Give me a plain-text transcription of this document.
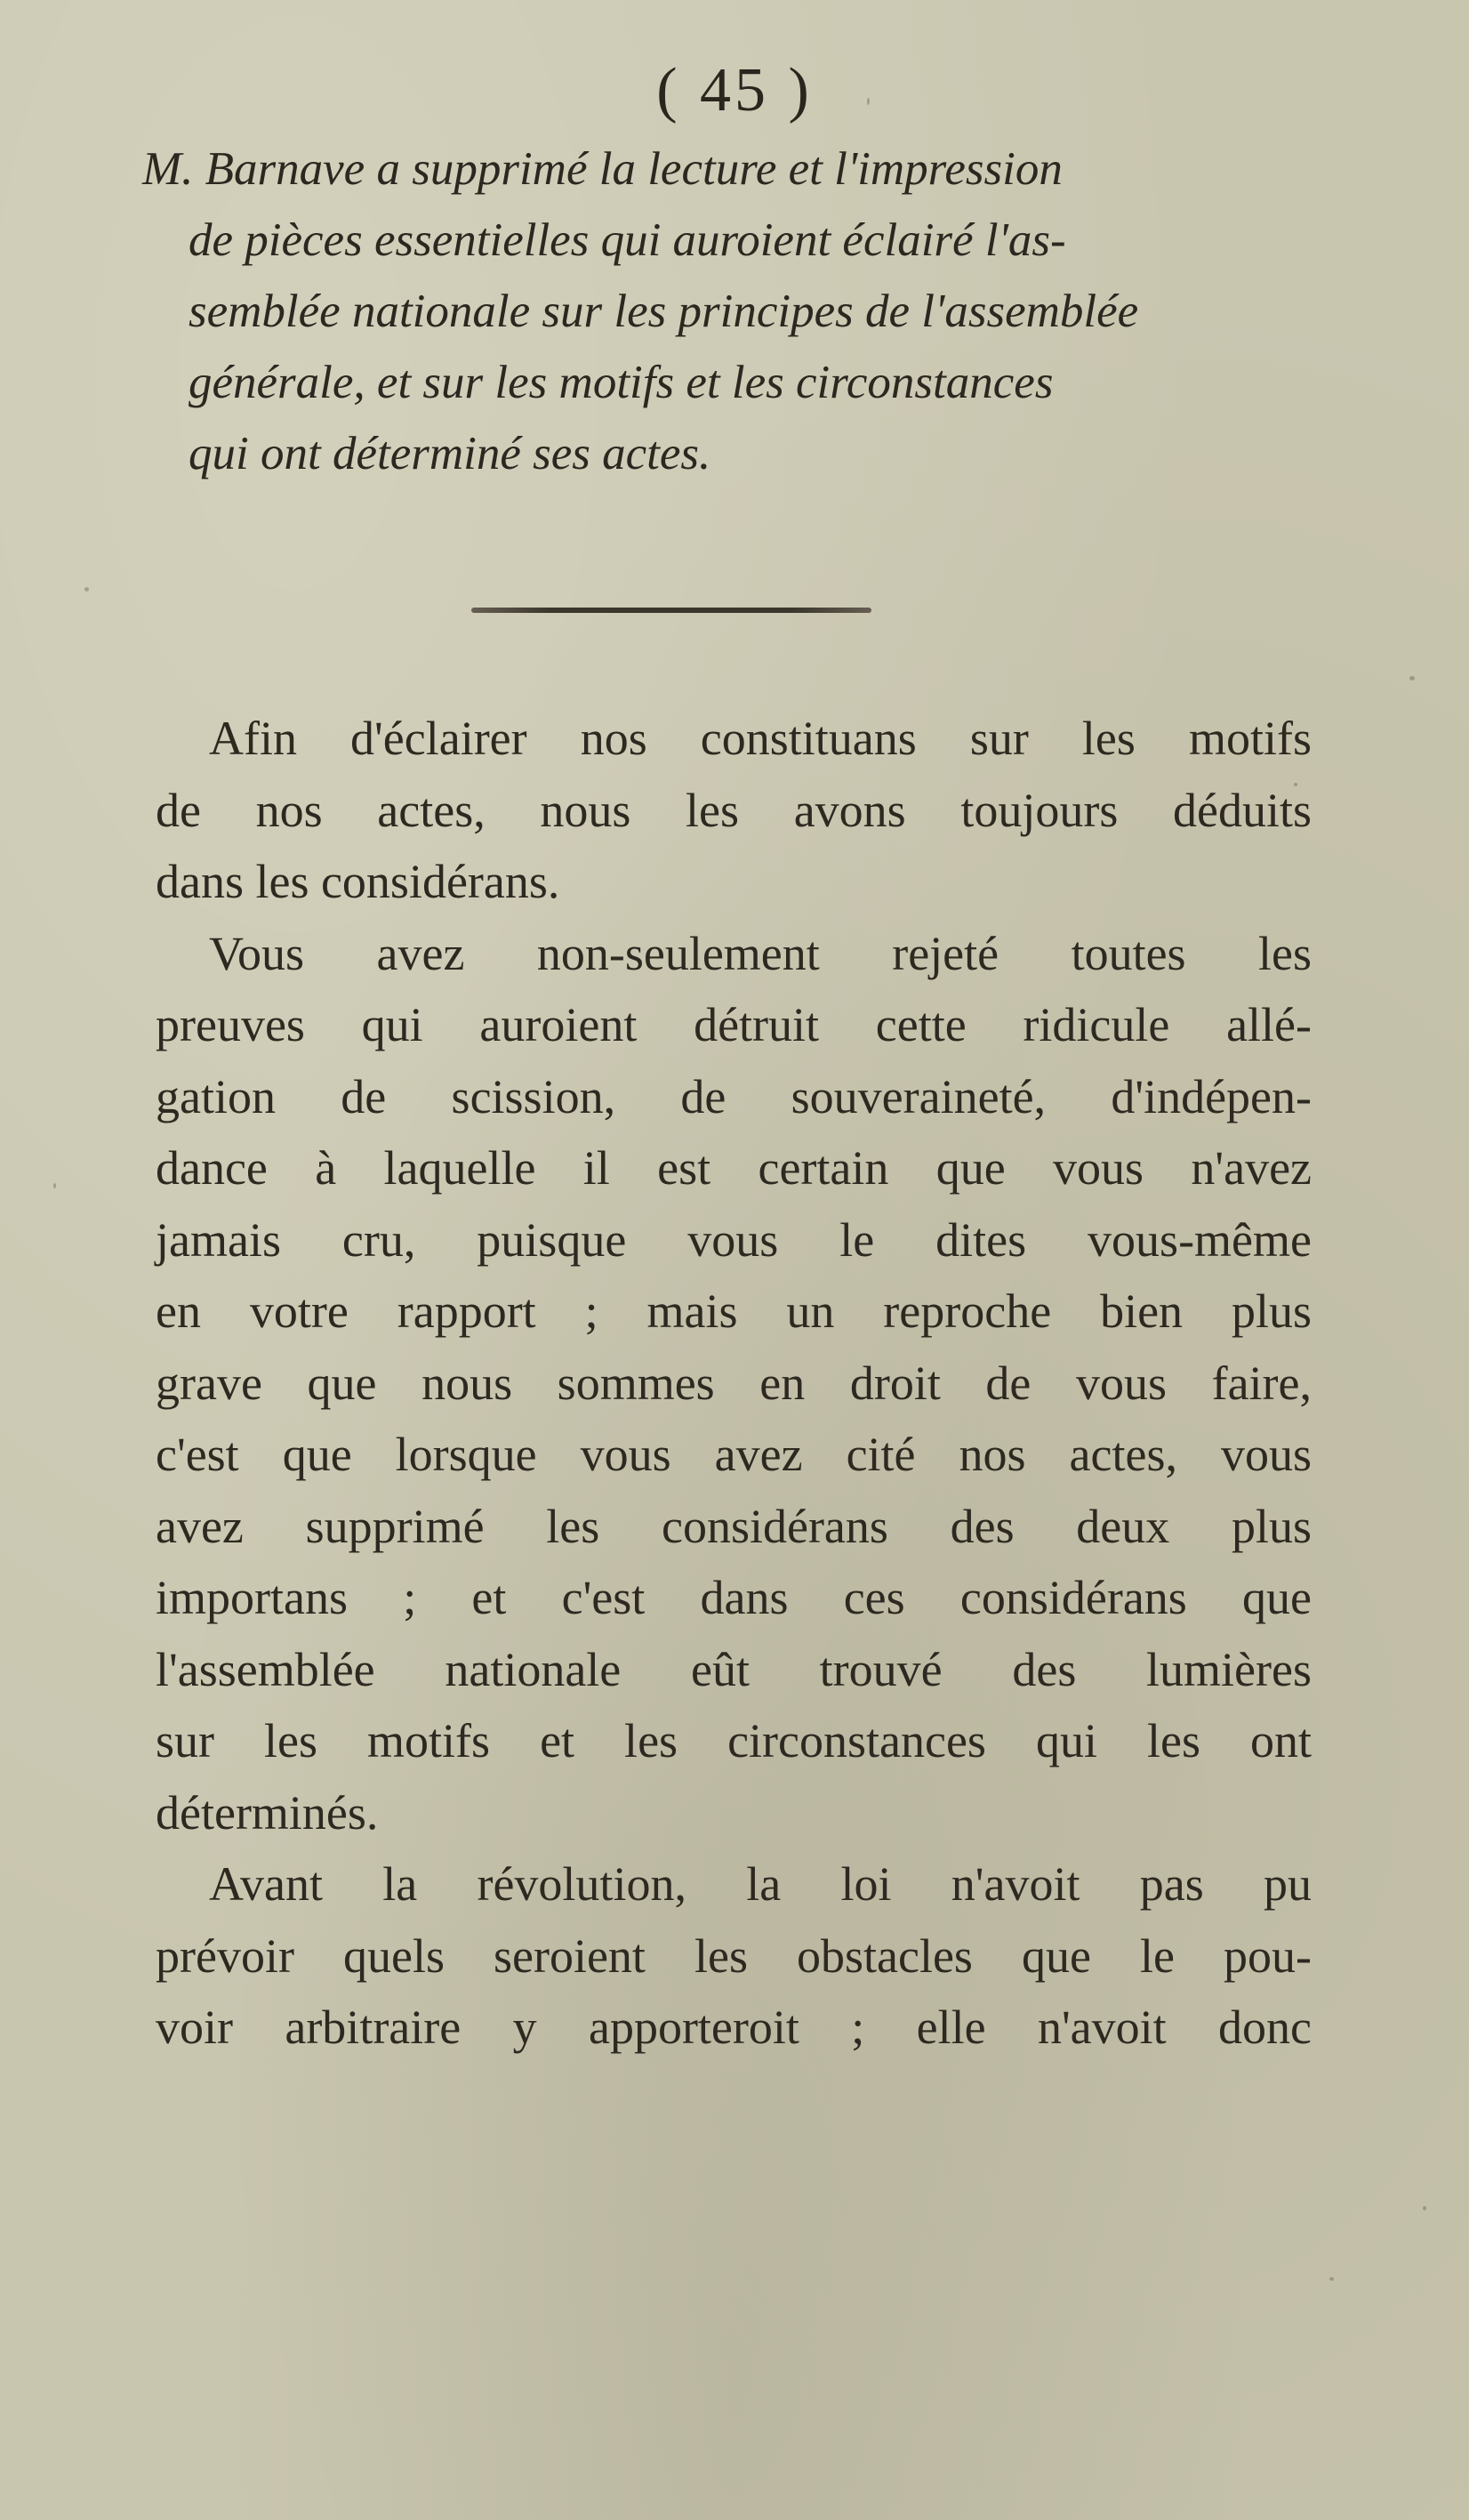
( 45 )
M. Barnave a supprimé la lecture et l'impression
de pièces essentielles qui auroient éclairé l'as-
semblée nationale sur les principes de l'assemblée
générale, et sur les motifs et les circonstances
qui ont déterminé ses actes.
Afin d'éclairer nos constituans sur les motifs
de nos actes, nous les avons toujours déduits
dans les considérans.
Vous avez non-seulement rejeté toutes les
preuves qui auroient détruit cette ridicule allé-
gation de scission, de souveraineté, d'indépen-
dance à laquelle il est certain que vous n'avez
jamais cru, puisque vous le dites vous-même
en votre rapport ; mais un reproche bien plus
grave que nous sommes en droit de vous faire,
c'est que lorsque vous avez cité nos actes, vous
avez supprimé les considérans des deux plus
importans ; et c'est dans ces considérans que
l'assemblée nationale eût trouvé des lumières
sur les motifs et les circonstances qui les ont
déterminés.
Avant la révolution, la loi n'avoit pas pu
prévoir quels seroient les obstacles que le pou-
voir arbitraire y apporteroit ; elle n'avoit donc
